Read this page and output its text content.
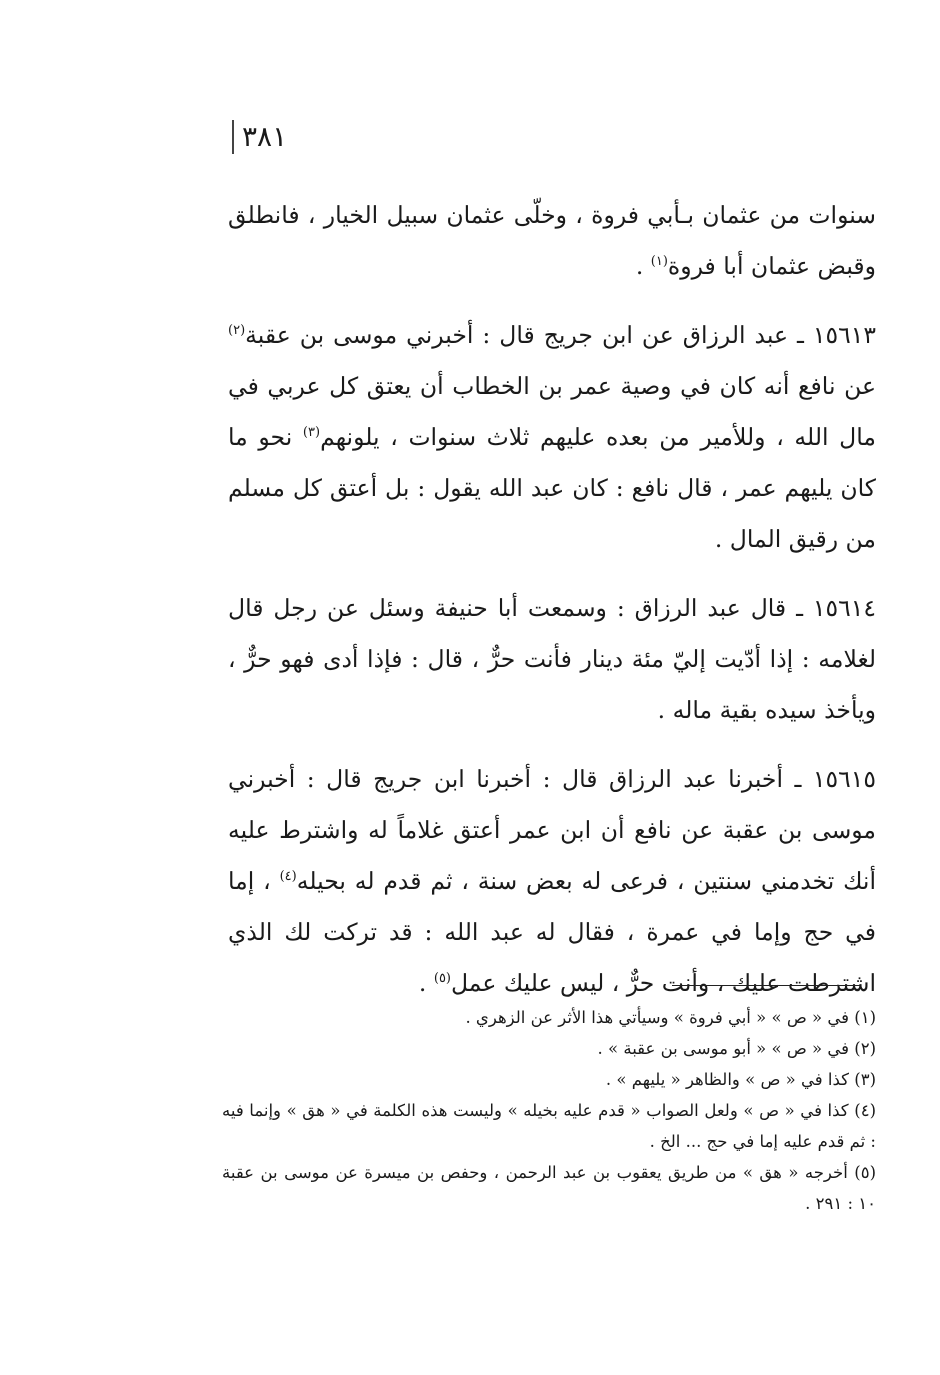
٣٨١

سنوات من عثمان بـأبي فروة ، وخلّى عثمان سبيل الخيار ، فانطلق وقبض عثمان أبا فروة$^{(١)}$ .

١٥٦١٣ ـ عبد الرزاق عن ابن جريج قال : أخبرني موسى بن عقبة$^{(٢)}$ عن نافع أنه كان في وصية عمر بن الخطاب أن يعتق كل عربي في مال الله ، وللأمير من بعده عليهم ثلاث سنوات ، يلونهم$^{(٣)}$ نحو ما كان يليهم عمر ، قال نافع : كان عبد الله يقول : بل أعتق كل مسلم من رقيق المال .

١٥٦١٤ ـ قال عبد الرزاق : وسمعت أبا حنيفة وسئل عن رجل قال لغلامه : إذا أدّيت إليّ مئة دينار فأنت حرٌّ ، قال : فإذا أدى فهو حرٌّ ، ويأخذ سيده بقية ماله .

١٥٦١٥ ـ أخبرنا عبد الرزاق قال : أخبرنا ابن جريج قال : أخبرني موسى بن عقبة عن نافع أن ابن عمر أعتق غلاماً له واشترط عليه أنك تخدمني سنتين ، فرعى له بعض سنة ، ثم قدم له بحيله$^{(٤)}$ ، إما في حج وإما في عمرة ، فقال له عبد الله : قد تركت لك الذي اشترطت عليك ، وأنت حرٌّ ، ليس عليك عمل$^{(٥)}$ .

(١) في « ص » « أبي فروة » وسيأتي هذا الأثر عن الزهري .

(٢) في « ص » « أبو موسى بن عقبة » .

(٣) كذا في « ص » والظاهر « يليهم » .

(٤) كذا في « ص » ولعل الصواب « قدم عليه بخيله » وليست هذه الكلمة في « هق » وإنما فيه : ثم قدم عليه إما في حج ... الخ .

(٥) أخرجه « هق » من طريق يعقوب بن عبد الرحمن ، وحفص بن ميسرة عن موسى بن عقبة ١٠ : ٢٩١ .
